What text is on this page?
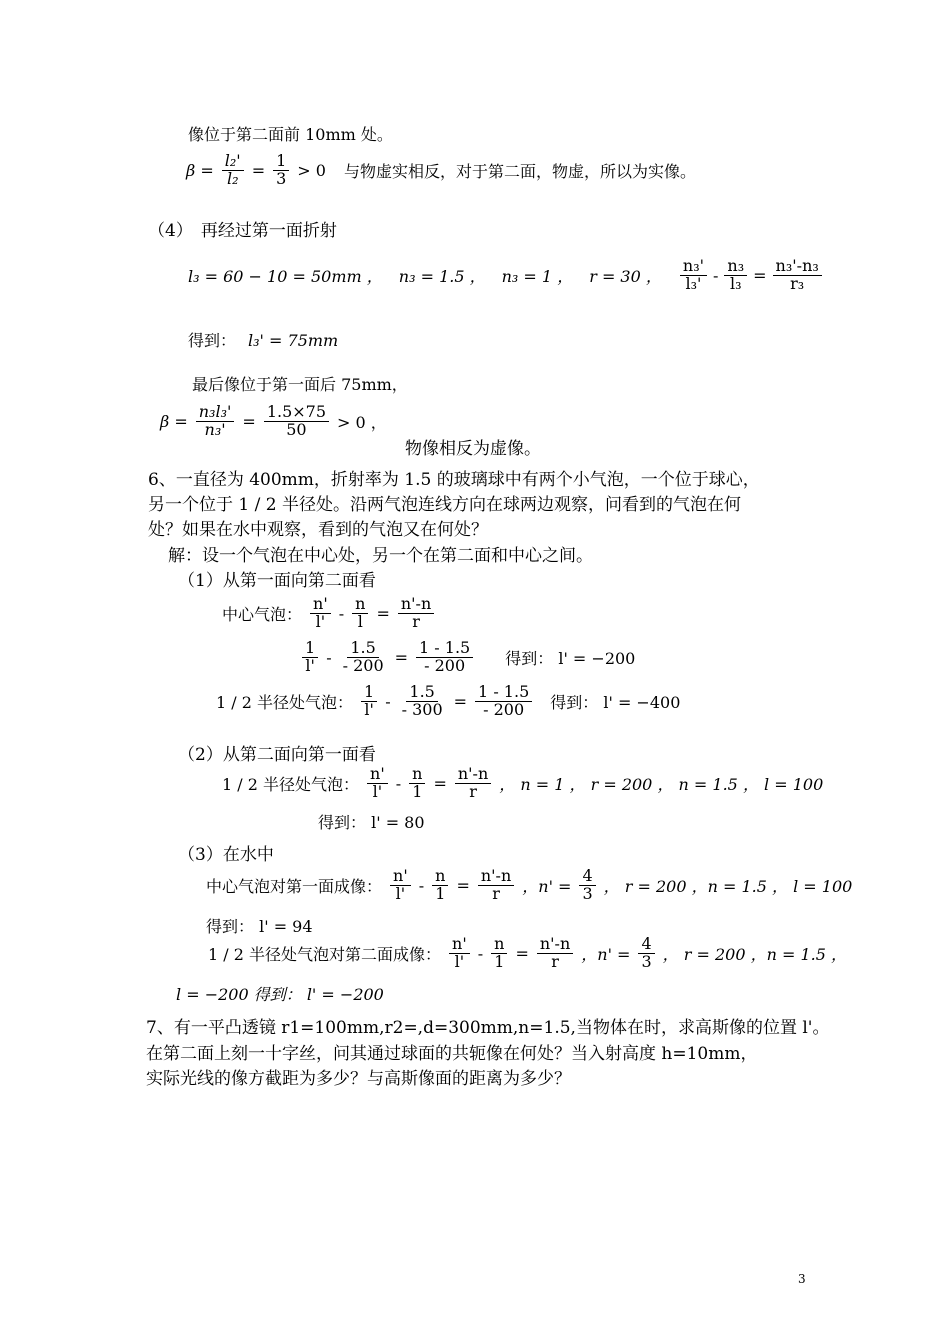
像位于第二面前 10mm 处。
$\beta = \frac{\text{l₂'}}{\text{l₂}} = \frac{1}{3} > 0$ 与物虚实相反，对于第二面，物虚，所以为实像。
（4） 再经过第一面折射
l₃ = 60 − 10 = 50mm ， n₃ = 1.5 ， n₃ = 1 ， r = 30 ，
n₃'
$l_3' - \frac{\text{n₃}}{\text{l₃}} = \frac{\text{n₃'-n₃}}{\text{r₃}}$
得到： l₃' = 75mm
最后像位于第一面后 75mm，
$\beta = \frac{\text{n₃l₃'}}{\text{n₃'}} = \frac{1.5\times 75}{50} > 0$ ，
物像相反为虚像。
6、一直径为 400mm，折射率为 1.5 的玻璃球中有两个小气泡，一个位于球心，
另一个位于 1 / 2 半径处。沿两气泡连线方向在球两边观察，问看到的气泡在何
处？如果在水中观察，看到的气泡又在何处？
解：设一个气泡在中心处，另一个在第二面和中心之间。
（1）从第一面向第二面看
中心气泡：
n'
$l' - \frac{n}{l} = \frac{n'-n}{r}$
1
$l' - \frac{1.5}{- 200} = \frac{1 - 1.5}{- 200}$ 得到： l' = −200
1 / 2 半径处气泡：
1
$l' - \frac{1.5}{- 300} = \frac{1 - 1.5}{- 200}$ 得到： l' = −400
（2）从第二面向第一面看
1 / 2 半径处气泡：
n'
$l' - \frac{n}{1} = \frac{n'-n}{r}$ ， n = 1 ， r = 200 ， n = 1.5 ， l = 100
得到： l' = 80
（3）在水中
中心气泡对第一面成像：
n'
$l' - \frac{n}{1} = \frac{n'-n}{r}$ ，$n' = \frac{4}{3}$ ， r = 200 ，n = 1.5 ， l = 100
得到： l' = 94
1 / 2 半径处气泡对第二面成像：
n'
$l' - \frac{n}{1} = \frac{n'-n}{r}$ ，$n' = \frac{4}{3}$ ， r = 200 ，n = 1.5 ，
l = −200 得到： l' = −200
7、有一平凸透镜 r1=100mm,r2=,d=300mm,n=1.5,当物体在时，求高斯像的位置 l'。
在第二面上刻一十字丝，问其通过球面的共轭像在何处？当入射高度 h=10mm，
实际光线的像方截距为多少？与高斯像面的距离为多少？
3
